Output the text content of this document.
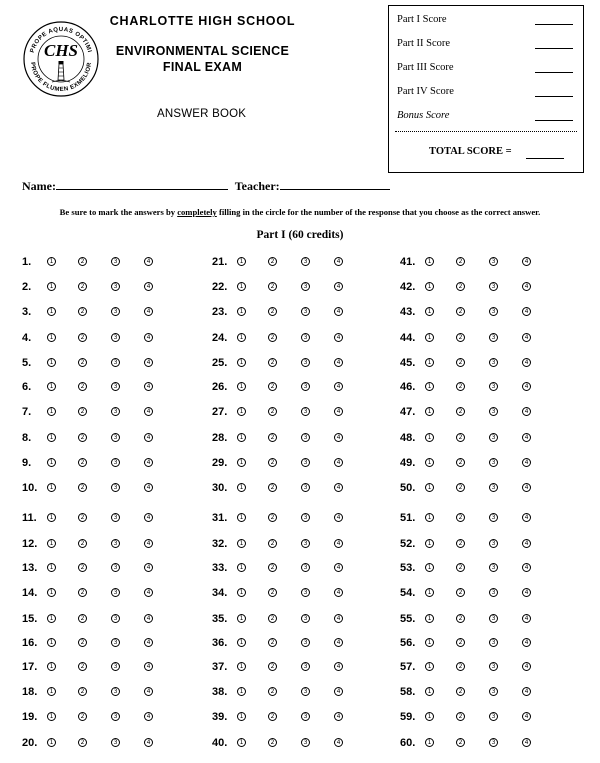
PROPE AQUAS OPTIMI
PROPE FLUMEN EXMELIOR
CHS
CHARLOTTE HIGH SCHOOL
ENVIRONMENTAL SCIENCE
FINAL EXAM
ANSWER BOOK
Part I Score
Part II Score
Part III Score
Part IV Score
Bonus Score
TOTAL SCORE =
Name:	Teacher:
Be sure to mark the answers by completely filling in the circle for the number of the response that you choose as the correct answer.
Part I (60 credits)
1.	1	2	3	4
2.	1	2	3	4
3.	1	2	3	4
4.	1	2	3	4
5.	1	2	3	4
6.	1	2	3	4
7.	1	2	3	4
8.	1	2	3	4
9.	1	2	3	4
10.	1	2	3	4
11.	1	2	3	4
12.	1	2	3	4
13.	1	2	3	4
14.	1	2	3	4
15.	1	2	3	4
16.	1	2	3	4
17.	1	2	3	4
18.	1	2	3	4
19.	1	2	3	4
20.	1	2	3	4
21.	1	2	3	4
22.	1	2	3	4
23.	1	2	3	4
24.	1	2	3	4
25.	1	2	3	4
26.	1	2	3	4
27.	1	2	3	4
28.	1	2	3	4
29.	1	2	3	4
30.	1	2	3	4
31.	1	2	3	4
32.	1	2	3	4
33.	1	2	3	4
34.	1	2	3	4
35.	1	2	3	4
36.	1	2	3	4
37.	1	2	3	4
38.	1	2	3	4
39.	1	2	3	4
40.	1	2	3	4
41.	1	2	3	4
42.	1	2	3	4
43.	1	2	3	4
44.	1	2	3	4
45.	1	2	3	4
46.	1	2	3	4
47.	1	2	3	4
48.	1	2	3	4
49.	1	2	3	4
50.	1	2	3	4
51.	1	2	3	4
52.	1	2	3	4
53.	1	2	3	4
54.	1	2	3	4
55.	1	2	3	4
56.	1	2	3	4
57.	1	2	3	4
58.	1	2	3	4
59.	1	2	3	4
60.	1	2	3	4
